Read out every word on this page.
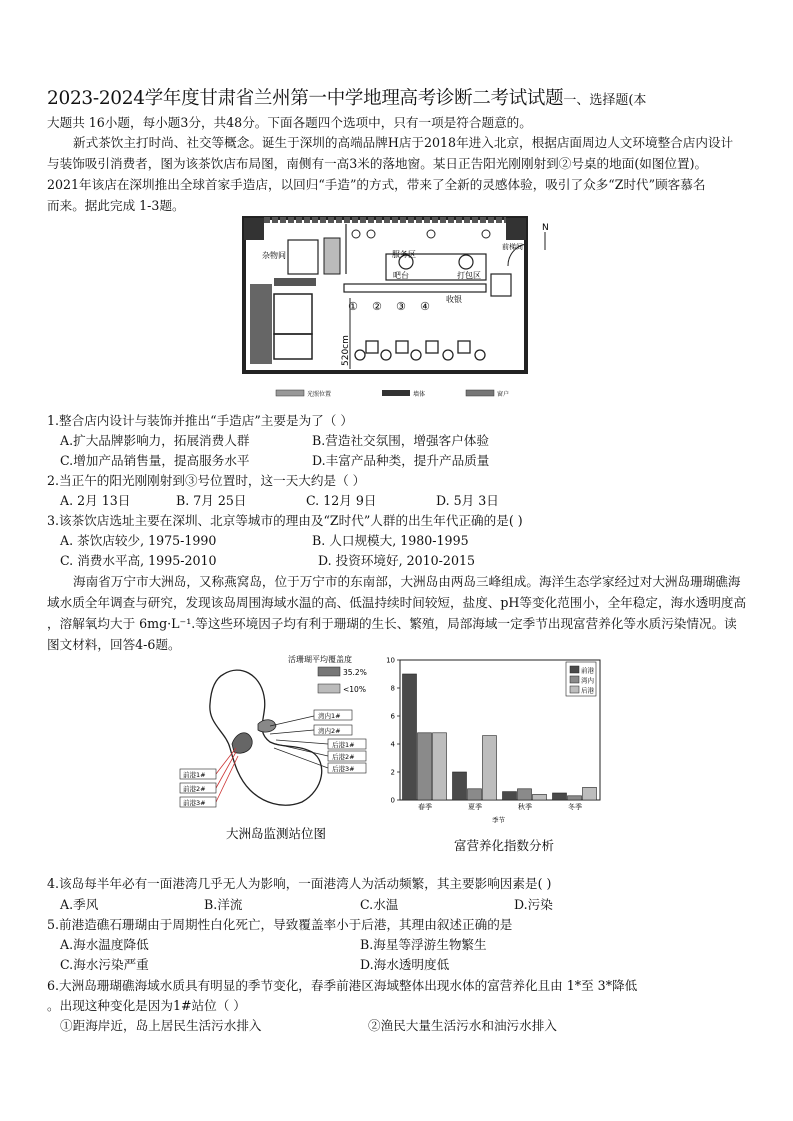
2023-2024学年度甘肃省兰州第一中学地理高考诊断二考试试题一、选择题(本
大题共 16小题，每小题3分，共48分。下面各题四个选项中，只有一项是符合题意的。
新式茶饮主打时尚、社交等概念。诞生于深圳的高端品牌H店于2018年进入北京，根据店面周边人文环境整合店内设计
与装饰吸引消费者，图为该茶饮店布局图，南侧有一高3米的落地窗。某日正告阳光刚刚射到②号桌的地面(如图位置)。
2021年该店在深圳推出全球首家手造店，以回归“手造”的方式，带来了全新的灵感体验，吸引了众多“Z时代”顾客慕名
而来。据此完成 1-3题。
杂物间	服务区
吧台	打包区
收银
前梯间
N
520cm
① ② ③ ④
光照位置	墙体	窗户
1.整合店内设计与装饰并推出“手造店”主要是为了（ ）
A.扩大品牌影响力，拓展消费人群	B.营造社交氛围，增强客户体验
C.增加产品销售量，提高服务水平	D.丰富产品种类，提升产品质量
2.当正午的阳光刚刚射到③号位置时，这一天大约是（ ）
A. 2月 13日	B. 7月 25日	C. 12月 9日	D. 5月 3日
3.该茶饮店选址主要在深圳、北京等城市的理由及“Z时代”人群的出生年代正确的是( )
A. 茶饮店较少, 1975-1990	B. 人口规模大, 1980-1995
C. 消费水平高, 1995-2010	D. 投资环境好, 2010-2015
海南省万宁市大洲岛，又称燕窝岛，位于万宁市的东南部，大洲岛由两岛三峰组成。海洋生态学家经过对大洲岛珊瑚礁海
域水质全年调查与研究，发现该岛周围海域水温的高、低温持续时间较短，盐度、pH等变化范围小，全年稳定，海水透明度高
，溶解氧均大于 6mg·L⁻¹.等这些环境因子均有利于珊瑚的生长、繁殖，局部海域一定季节出现富营养化等水质污染情况。读
图文材料，回答4-6题。
活珊瑚平均覆盖度
35.2%
<10%
湾内1#
湾内2#
后港1#
后港2#
后港3#
前港1#
前港2#
前港3#
大洲岛监测站位图
0
2
4
6
8
10
春季	夏季	秋季	冬季
前港
湾内
后港
季节
富营养化指数分析
4.该岛每半年必有一面港湾几乎无人为影响，一面港湾人为活动频繁，其主要影响因素是( )
A.季风	B.洋流	C.水温	D.污染
5.前港造礁石珊瑚由于周期性白化死亡，导致覆盖率小于后港，其理由叙述正确的是
A.海水温度降低	B.海星等浮游生物繁生
C.海水污染严重	D.海水透明度低
6.大洲岛珊瑚礁海域水质具有明显的季节变化，春季前港区海域整体出现水体的富营养化且由 1*至 3*降低
。出现这种变化是因为1#站位（ ）
①距海岸近，岛上居民生活污水排入	②渔民大量生活污水和油污水排入
